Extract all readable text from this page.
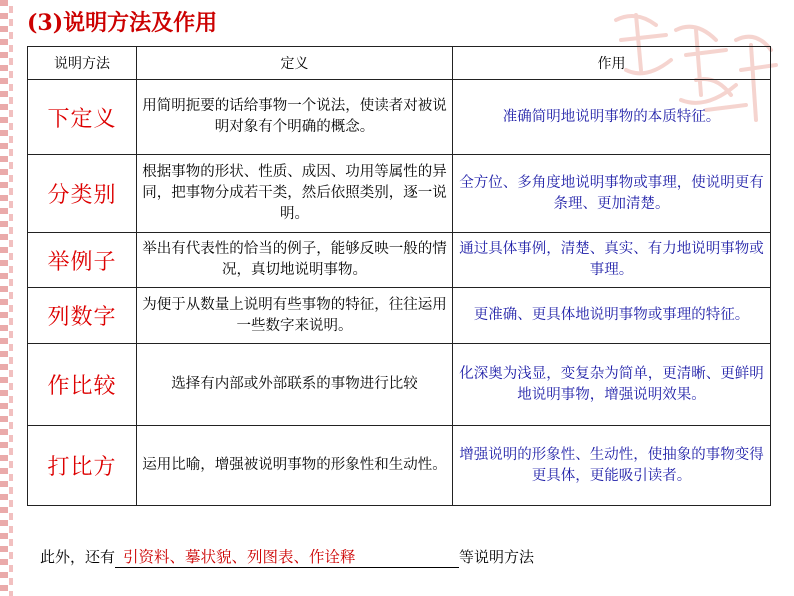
(3)说明方法及作用
说明方法	定义	作用
下定义	用简明扼要的话给事物一个说法，使读者对被说明对象有个明确的概念。	准确简明地说明事物的本质特征。
分类别	根据事物的形状、性质、成因、功用等属性的异同，把事物分成若干类，然后依照类别，逐一说明。	全方位、多角度地说明事物或事理，使说明更有条理、更加清楚。
举例子	举出有代表性的恰当的例子，能够反映一般的情况，真切地说明事物。	通过具体事例，清楚、真实、有力地说明事物或事理。
列数字	为便于从数量上说明有些事物的特征，往往运用一些数字来说明。	更准确、更具体地说明事物或事理的特征。
作比较	选择有内部或外部联系的事物进行比较	化深奥为浅显，变复杂为简单，更清晰、更鲜明地说明事物，增强说明效果。
打比方	运用比喻，增强被说明事物的形象性和生动性。	增强说明的形象性、生动性，使抽象的事物变得更具体，更能吸引读者。
此外，还有 引资料、摹状貌、列图表、作诠释	等说明方法
